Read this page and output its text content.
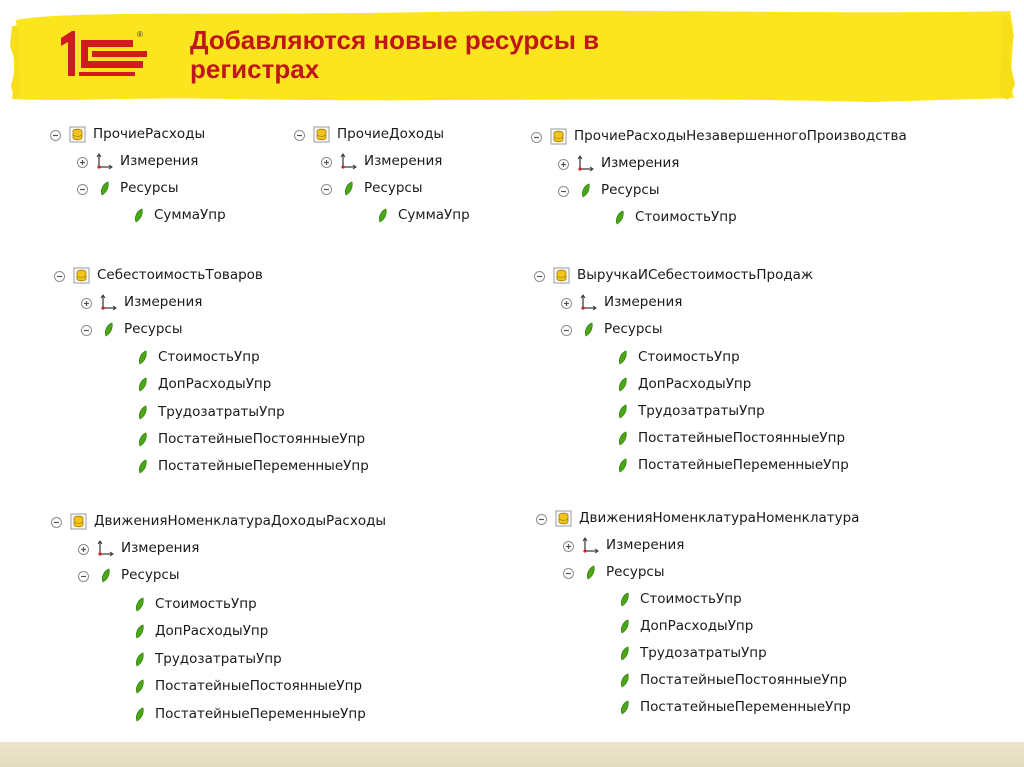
® Добавляются новые ресурсы в
регистрах
ПрочиеРасходы
Измерения
Ресурсы
СуммаУпр
ПрочиеДоходы
Измерения
Ресурсы
СуммаУпр
ПрочиеРасходыНезавершенногоПроизводства
Измерения
Ресурсы
СтоимостьУпр
СебестоимостьТоваров
Измерения
Ресурсы
СтоимостьУпр
ДопРасходыУпр
ТрудозатратыУпр
ПостатейныеПостоянныеУпр
ПостатейныеПеременныеУпр
ВыручкаИСебестоимостьПродаж
Измерения
Ресурсы
СтоимостьУпр
ДопРасходыУпр
ТрудозатратыУпр
ПостатейныеПостоянныеУпр
ПостатейныеПеременныеУпр
ДвиженияНоменклатураДоходыРасходы
Измерения
Ресурсы
СтоимостьУпр
ДопРасходыУпр
ТрудозатратыУпр
ПостатейныеПостоянныеУпр
ПостатейныеПеременныеУпр
ДвиженияНоменклатураНоменклатура
Измерения
Ресурсы
СтоимостьУпр
ДопРасходыУпр
ТрудозатратыУпр
ПостатейныеПостоянныеУпр
ПостатейныеПеременныеУпр
